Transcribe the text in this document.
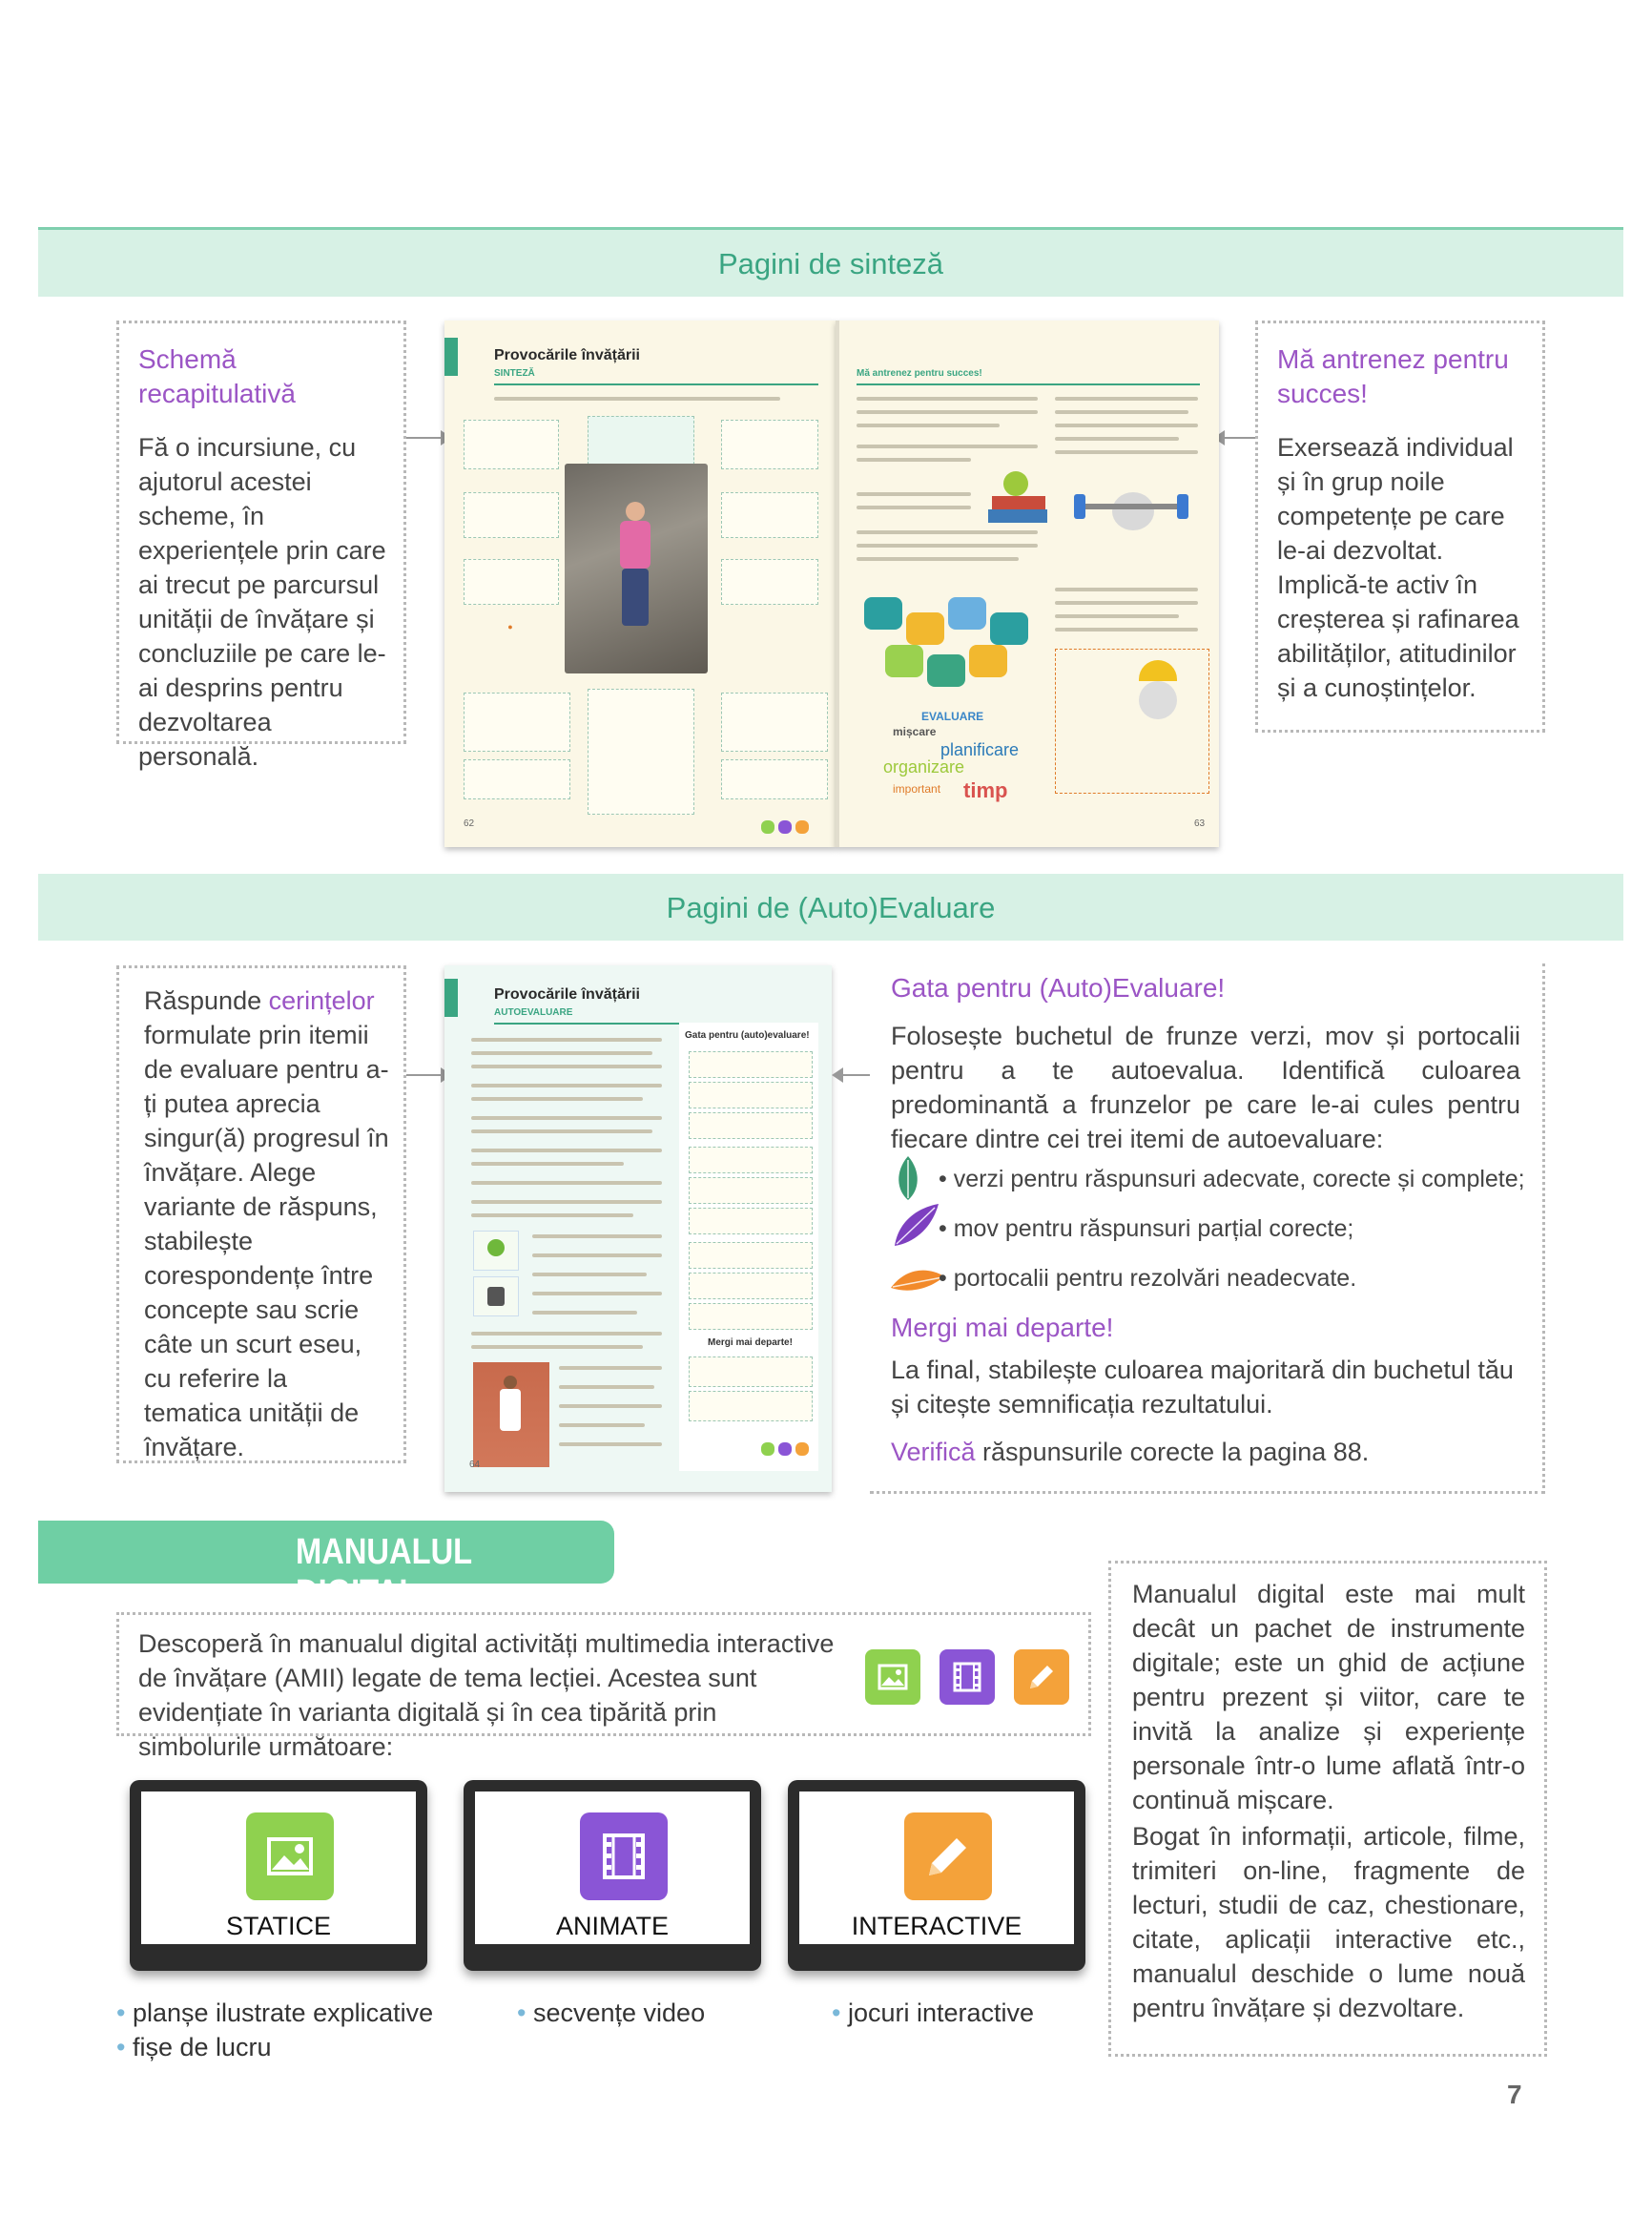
Pagini de sinteză
Schemă recapitulativă
Fă o incursiune, cu ajutorul acestei scheme, în experiențele prin care ai trecut pe parcursul unității de învățare și concluziile pe care le-ai desprins pentru dezvoltarea personală.
Mă antrenez pentru succes!
Exersează individual și în grup noile competențe pe care le-ai dezvoltat. Implică-te activ în creșterea și rafinarea abilităților, atitudinilor și a cunoștințelor.
Provocările învățării
SINTEZĂ
●
62
Mă antrenez pentru succes!
EVALUARE
mișcare
planificare
organizare
important timp
63
Pagini de (Auto)Evaluare
Răspunde cerințelor formulate prin itemii de evaluare pentru a-ți putea aprecia singur(ă) progresul în învățare. Alege variante de răspuns, stabilește corespondențe între concepte sau scrie câte un scurt eseu, cu referire la tematica unității de învățare.
Provocările învățării
AUTOEVALUARE
64
Gata pentru (auto)evaluare!
Mergi mai departe!
Gata pentru (Auto)Evaluare!
Folosește buchetul de frunze verzi, mov și portocalii pentru a te autoevalua. Identifică culoarea predominantă a frunzelor pe care le-ai cules pentru fiecare dintre cei trei itemi de autoevaluare:
• verzi pentru răspunsuri adecvate, corecte și complete;
• mov pentru răspunsuri parțial corecte;
• portocalii pentru rezolvări neadecvate.
Mergi mai departe!
La final, stabilește culoarea majoritară din buchetul tău și citește semnificația rezultatului.
Verifică răspunsurile corecte la pagina 88.
MANUALUL DIGITAL
Descoperă în manualul digital activități multimedia interactive de învățare (AMII) legate de tema lecției. Acestea sunt evidențiate în varianta digitală și în cea tipărită prin simbolurile următoare:
Manualul digital este mai mult decât un pachet de instrumente digitale; este un ghid de acțiune pentru prezent și viitor, care te invită la analize și experiențe personale într-o lume aflată într-o continuă mișcare.
Bogat în informații, articole, filme, trimiteri on-line, fragmente de lecturi, studii de caz, chestionare, citate, aplicații interactive etc., manualul deschide o lume nouă pentru învățare și dezvoltare.
STATICE	ANIMATE	INTERACTIVE
• planșe ilustrate explicative
• fișe de lucru
• secvențe video	• jocuri interactive
7
